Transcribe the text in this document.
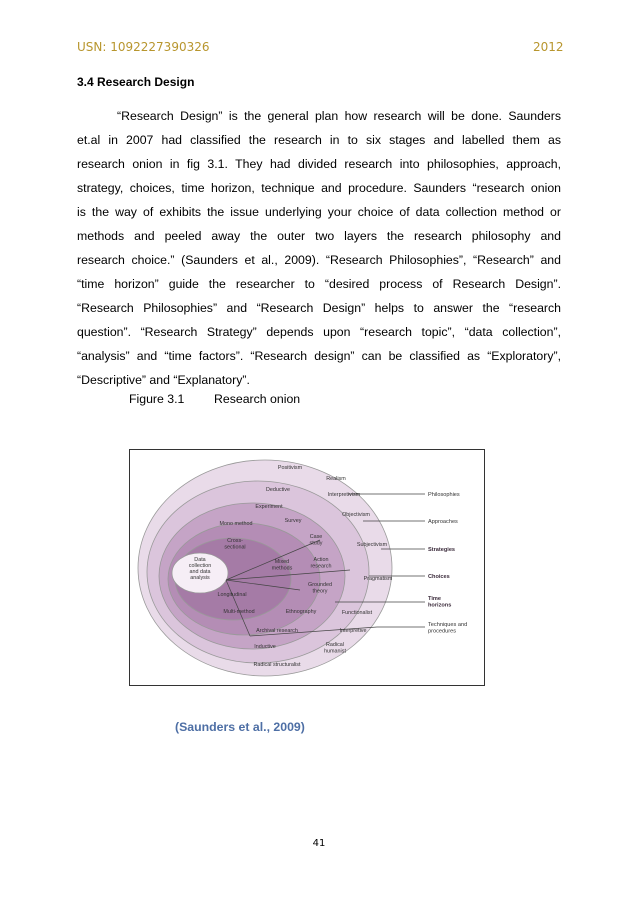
USN: 1092227390326	2012
3.4 Research Design
“Research Design” is the general plan how research will be done. Saunders
et.al in 2007 had classified the research in to six stages and labelled them as
research onion in fig 3.1. They had divided research into philosophies, approach,
strategy, choices, time horizon, technique and procedure. Saunders “research onion
is the way of exhibits the issue underlying your choice of data collection method or
methods and peeled away the outer two layers the research philosophy and
research choice.” (Saunders et al., 2009). “Research Philosophies”, “Research” and
“time horizon” guide the researcher to “desired process of Research Design”.
“Research Philosophies” and “Research Design” helps to answer the “research
question”. “Research Strategy” depends upon “research topic”, “data collection”,
“analysis” and “time factors”. “Research design” can be classified as “Exploratory”,
“Descriptive” and “Explanatory”.
Figure 3.1 Research onion
Positivism
Realism
Deductive
Interpretivism
Experiment
Objectivism
Survey
Mono method
Cross-sectional
Case study	Subjectivism
Data collection and data analysis
Mixed methods
Action research
Pragmatism
Grounded theory
Longitudinal
Multi-method	Ethnography	Functionalist
Archival research	Interpretive
Inductive	Radical humanist
Radical structuralist
Philosophies
Approaches
Strategies
Choices
Time horizons
Techniques and procedures
(Saunders et al., 2009)
41
